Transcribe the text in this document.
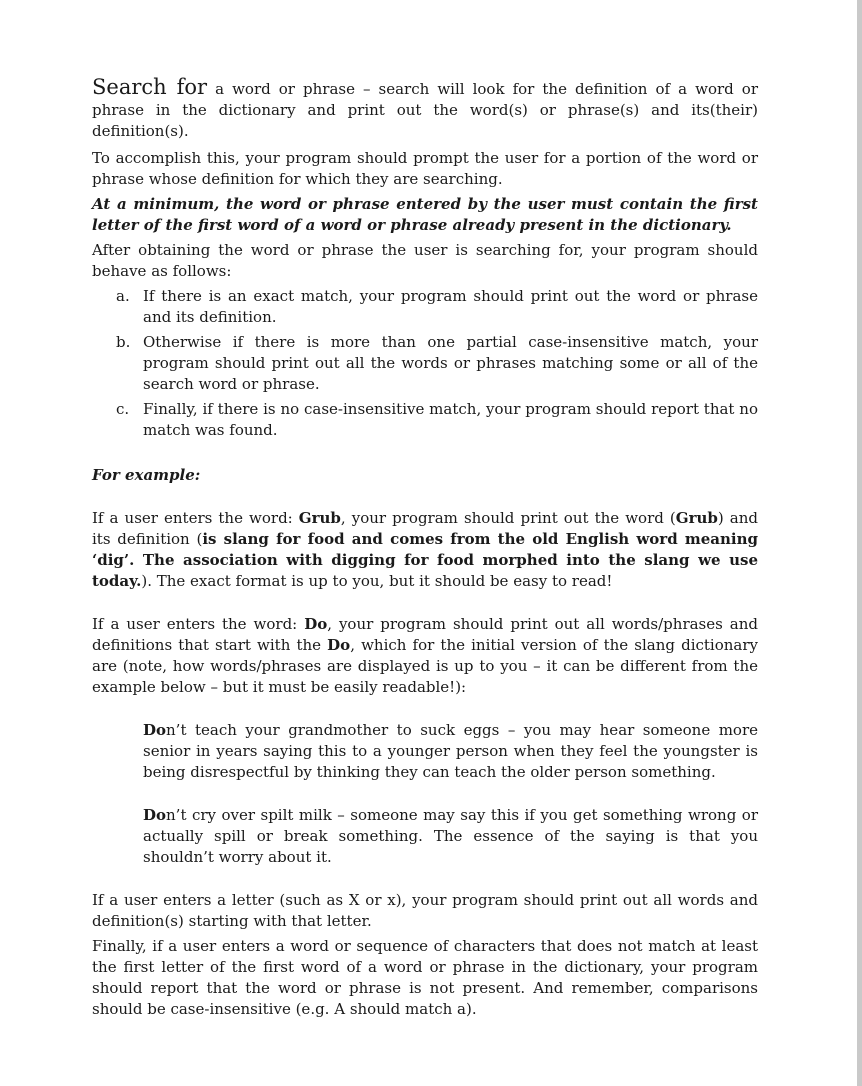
Search for a word or phrase – search will look for the definition of a word or phrase in the dictionary and print out the word(s) or phrase(s) and its(their) definition(s).

To accomplish this, your program should prompt the user for a portion of the word or phrase whose definition for which they are searching.

At a minimum, the word or phrase entered by the user must contain the first letter of the first word of a word or phrase already present in the dictionary.

After obtaining the word or phrase the user is searching for, your program should behave as follows:

a. If there is an exact match, your program should print out the word or phrase and its definition.
b. Otherwise if there is more than one partial case-insensitive match, your program should print out all the words or phrases matching some or all of the search word or phrase.
c. Finally, if there is no case-insensitive match, your program should report that no match was found.

For example:

If a user enters the word: Grub, your program should print out the word (Grub) and its definition (is slang for food and comes from the old English word meaning ‘dig’. The association with digging for food morphed into the slang we use today.). The exact format is up to you, but it should be easy to read!

If a user enters the word: Do, your program should print out all words/phrases and definitions that start with the Do, which for the initial version of the slang dictionary are (note, how words/phrases are displayed is up to you – it can be different from the example below – but it must be easily readable!):

Don’t teach your grandmother to suck eggs – you may hear someone more senior in years saying this to a younger person when they feel the youngster is being disrespectful by thinking they can teach the older person something.

Don’t cry over spilt milk – someone may say this if you get something wrong or actually spill or break something. The essence of the saying is that you shouldn’t worry about it.

If a user enters a letter (such as X or x), your program should print out all words and definition(s) starting with that letter.

Finally, if a user enters a word or sequence of characters that does not match at least the first letter of the first word of a word or phrase in the dictionary, your program should report that the word or phrase is not present. And remember, comparisons should be case-insensitive (e.g. A should match a).
